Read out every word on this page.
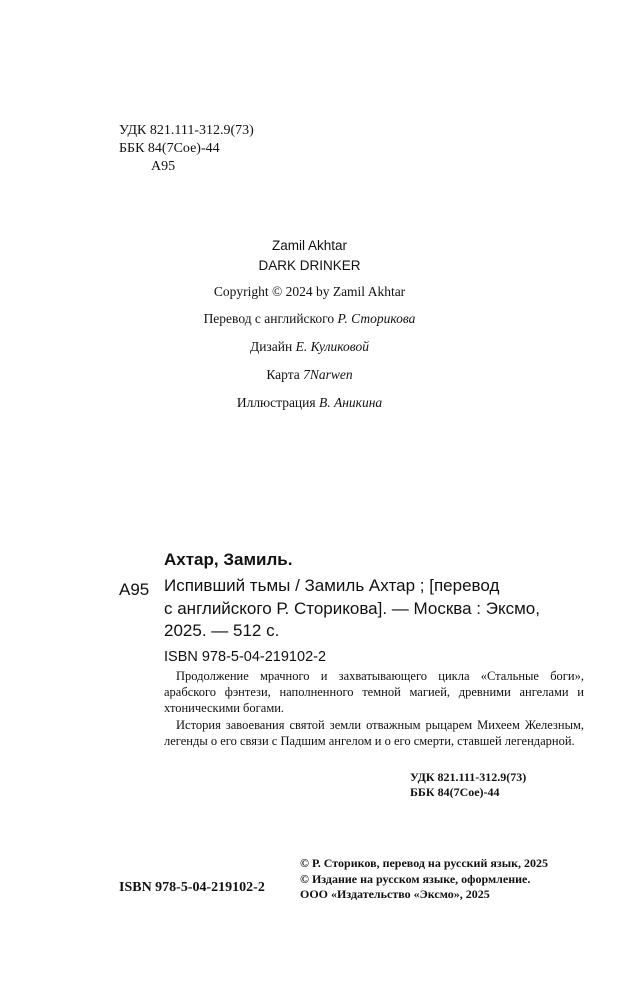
УДК 821.111-312.9(73)
ББК 84(7Сое)-44
А95
Zamil Akhtar
DARK DRINKER
Copyright © 2024 by Zamil Akhtar
Перевод с английского Р. Сторикова
Дизайн Е. Куликовой
Карта 7Narwen
Иллюстрация В. Аникина
Ахтар, Замиль.
А95 Испивший тьмы / Замиль Ахтар ; [перевод

с английского Р. Сторикова]. — Москва : Эксмо,

2025. — 512 с.

ISBN 978-5-04-219102-2

Продолжение мрачного и захватывающего цикла «Стальные боги», арабского фэнтези, наполненного темной магией, древними ангелами и хтоническими богами.

История завоевания святой земли отважным рыцарем Михеем Железным, легенды о его связи с Падшим ангелом и о его смерти, ставшей легендарной.

УДК 821.111-312.9(73)
ББК 84(7Сое)-44
© Р. Сториков, перевод на русский язык, 2025
© Издание на русском языке, оформление.
ООО «Издательство «Эксмо», 2025
ISBN 978-5-04-219102-2
